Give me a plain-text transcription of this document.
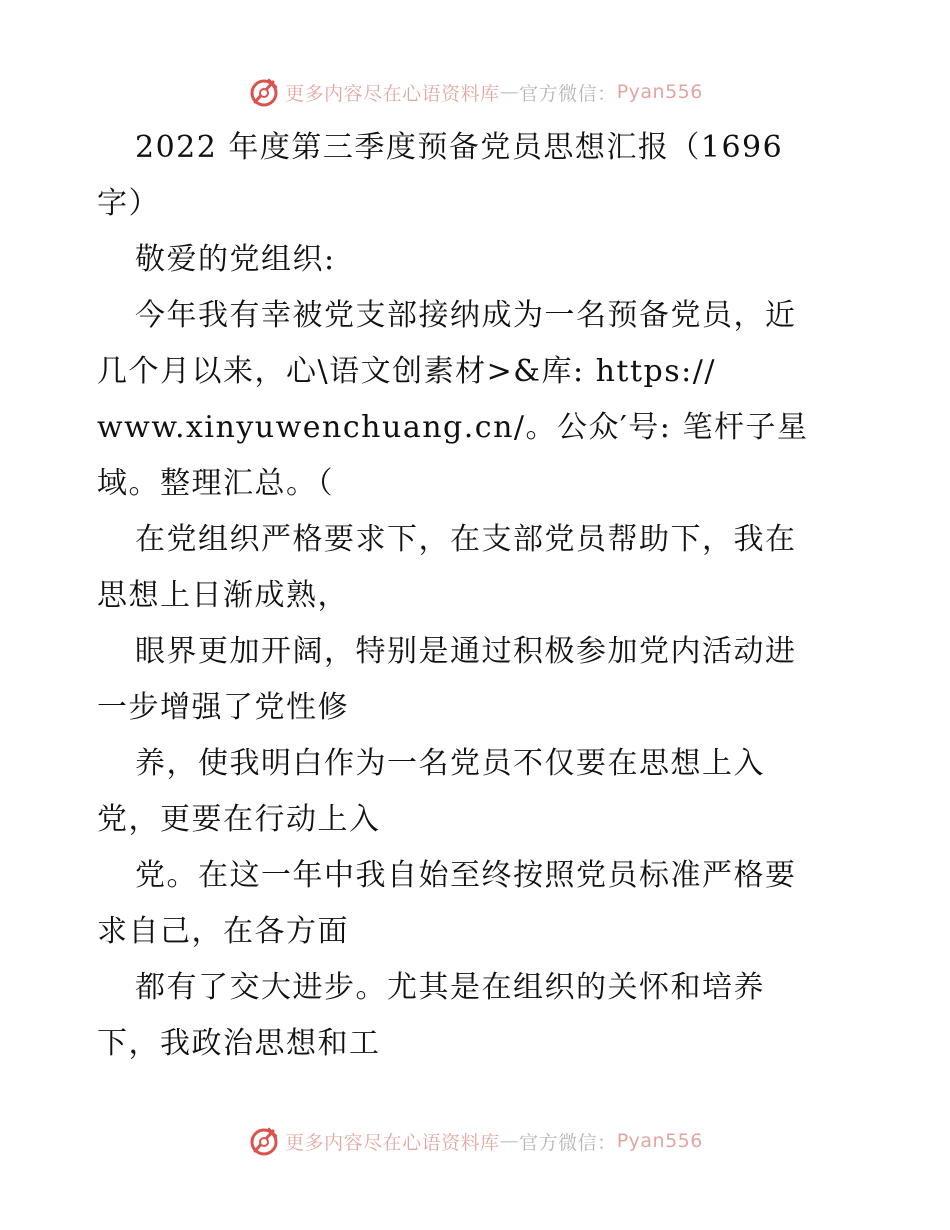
更多内容尽在心语资料库 — 官方微信： Pyan556

2022 年度第三季度预备党员思想汇报（1696

字）

敬爱的党组织:

今年我有幸被党支部接纳成为一名预备党员，近

几个月以来，心\语文创素材>&库: https://

www.xinyuwenchuang.cn/。公众′号: 笔杆子星

域。整理汇总。（

在党组织严格要求下，在支部党员帮助下，我在

思想上日渐成熟，

眼界更加开阔，特别是通过积极参加党内活动进

一步增强了党性修

养，使我明白作为一名党员不仅要在思想上入

党，更要在行动上入

党。在这一年中我自始至终按照党员标准严格要

求自己，在各方面

都有了交大进步。尤其是在组织的关怀和培养

下，我政治思想和工

更多内容尽在心语资料库 — 官方微信： Pyan556
